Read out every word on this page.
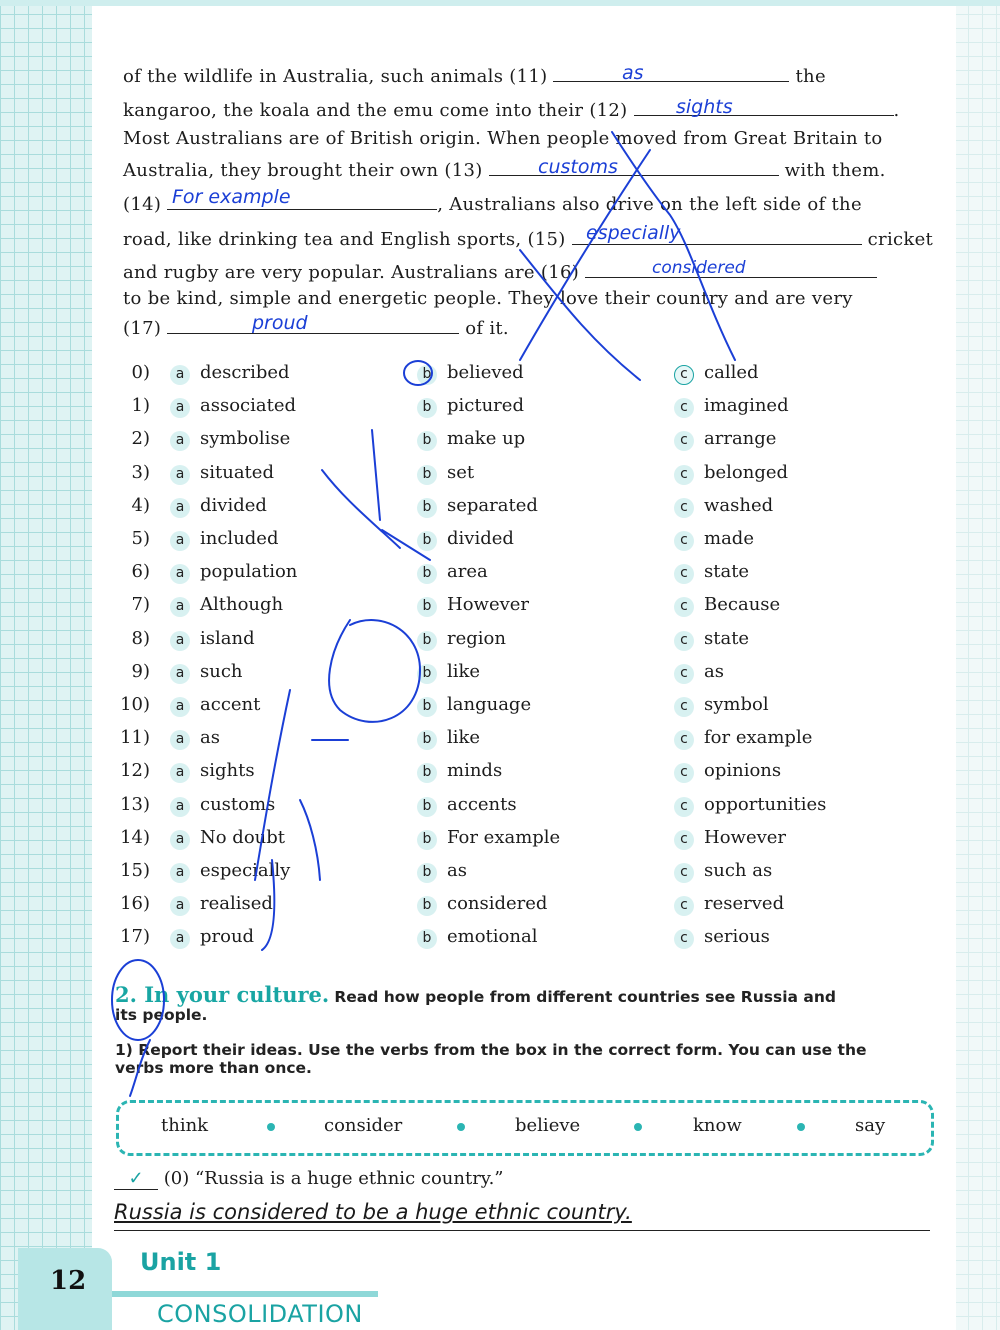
of the wildlife in Australia, such animals (11)	the
kangaroo, the koala and the emu come into their (12)	.
Most Australians are of British origin. When people moved from Great Britain to
Australia, they brought their own (13)	with them.
(14)	, Australians also drive on the left side of the
road, like drinking tea and English sports, (15)	cricket
and rugby are very popular. Australians are (16)
to be kind, simple and energetic people. They love their country and are very
(17)	of it.
as
sights
customs
For example
especially
considered
proud
0)	a described	b believed	c called
1)	a associated	b pictured	c imagined
2)	a symbolise	b make up	c arrange
3)	a situated	b set	c belonged
4)	a divided	b separated	c washed
5)	a included	b divided	c made
6)	a population	b area	c state
7)	a Although	b However	c Because
8)	a island	b region	c state
9)	a such	b like	c as
10)	a accent	b language	c symbol
11)	a as	b like	c for example
12)	a sights	b minds	c opinions
13)	a customs	b accents	c opportunities
14)	a No doubt	b For example	c However
15)	a especially	b as	c such as
16)	a realised	b considered	c reserved
17)	a proud	b emotional	c serious
2. In your culture. Read how people from different countries see Russia and
its people.
1) Report their ideas. Use the verbs from the box in the correct form. You can use the
verbs more than once.
think	consider	believe	know	say
✓ (0) “Russia is a huge ethnic country.”
Russia is considered to be a huge ethnic country.
12
Unit 1
CONSOLIDATION
